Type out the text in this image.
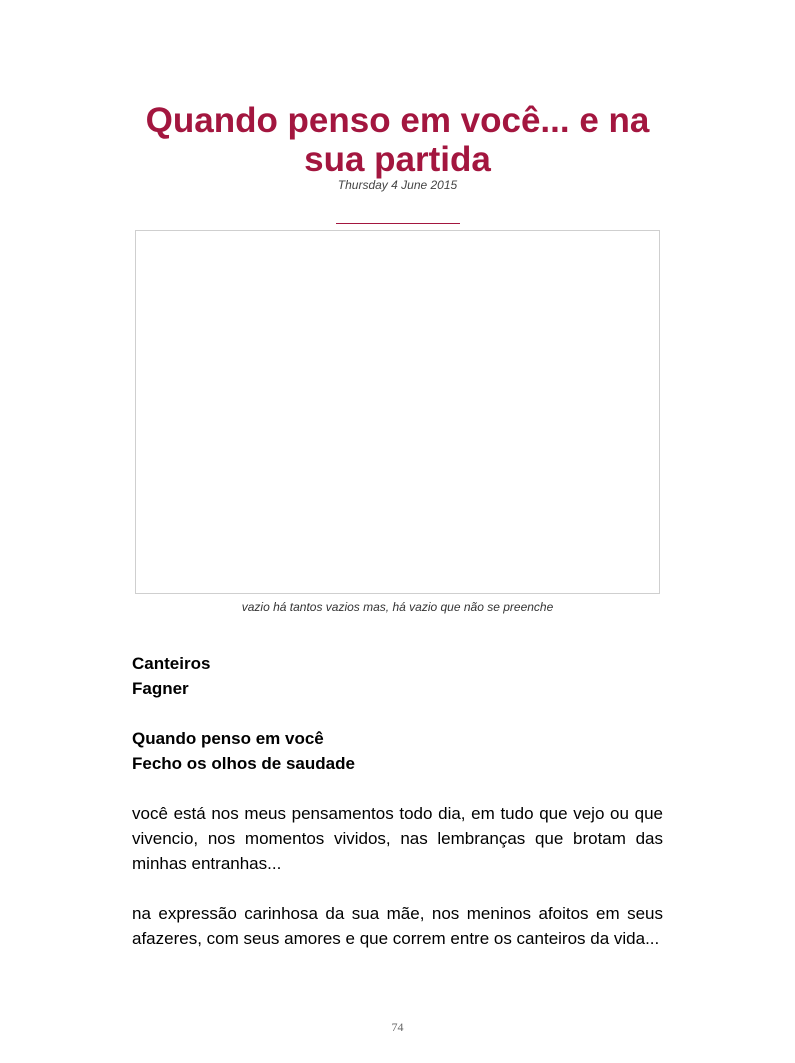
Quando penso em você... e na sua partida
Thursday 4 June 2015
vazio há tantos vazios mas, há vazio que não se preenche

Canteiros
Fagner

Quando penso em você
Fecho os olhos de saudade

você está nos meus pensamentos todo dia, em tudo que vejo ou que vivencio, nos momentos vividos, nas lembranças que brotam das minhas entranhas...

na expressão carinhosa da sua mãe, nos meninos afoitos em seus afazeres, com seus amores e que correm entre os canteiros da vida...

74
